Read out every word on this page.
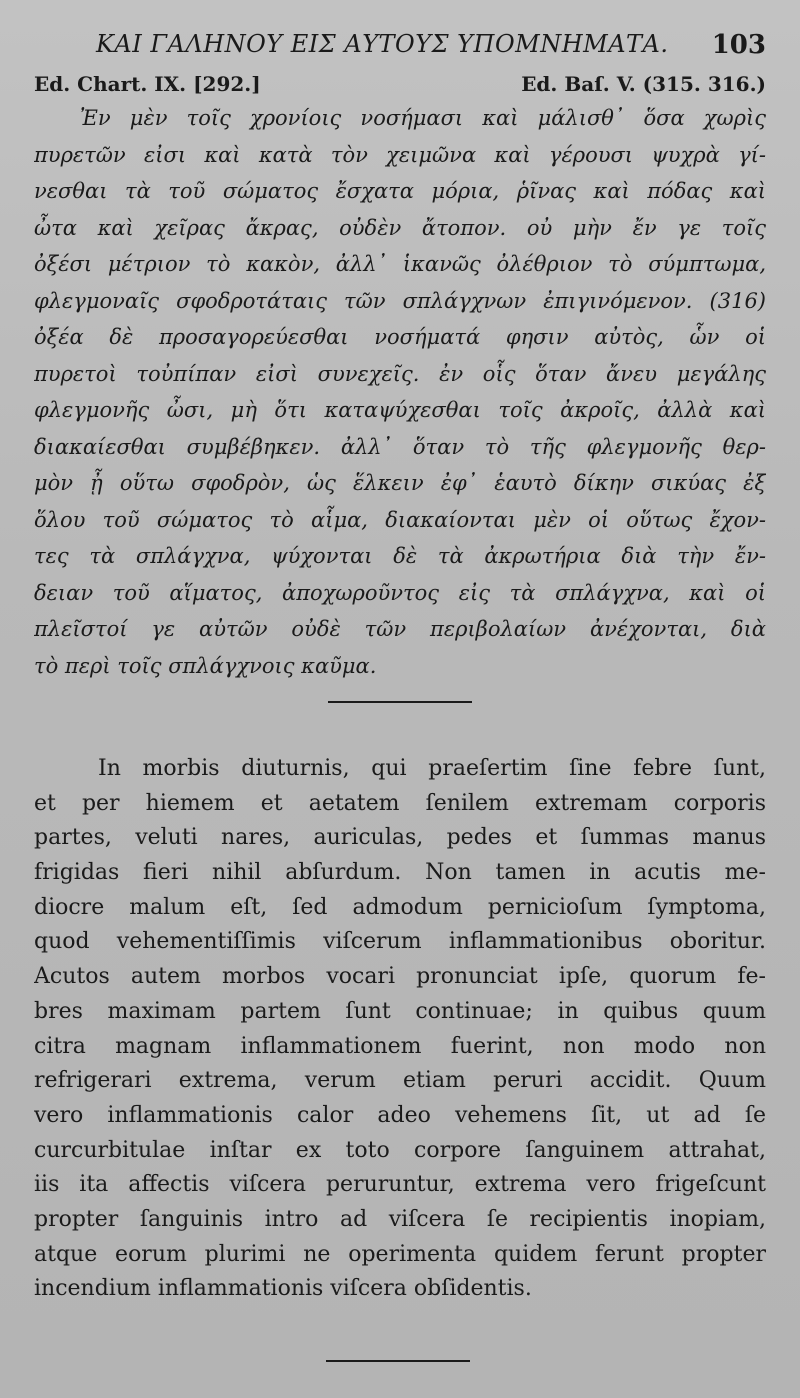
ΚΑΙ ΓΑΛΗΝΟΥ ΕΙΣ ΑΥΤΟΥΣ ΥΠΟΜΝΗΜΑΤΑ. 103
Ed. Chart. IX. [292.]	Ed. Baſ. V. (315. 316.)
Ἐν μὲν τοῖς χρονίοις νοσήμασι καὶ μάλισθ᾽ ὅσα χωρὶς
πυρετῶν εἰσι καὶ κατὰ τὸν χειμῶνα καὶ γέρουσι ψυχρὰ γί-
νεσθαι τὰ τοῦ σώματος ἔσχατα μόρια, ῥῖνας καὶ πόδας καὶ
ὦτα καὶ χεῖρας ἄκρας, οὐδὲν ἄτοπον. οὐ μὴν ἔν γε τοῖς
ὀξέσι μέτριον τὸ κακὸν, ἀλλ᾽ ἱκανῶς ὀλέθριον τὸ σύμπτωμα,
φλεγμοναῖς σφοδροτάταις τῶν σπλάγχνων ἐπιγινόμενον. (316)
ὀξέα δὲ προσαγορεύεσθαι νοσήματά φησιν αὐτὸς, ὧν οἱ
πυρετοὶ τοὐπίπαν εἰσὶ συνεχεῖς. ἐν οἷς ὅταν ἄνευ μεγάλης
φλεγμονῆς ὦσι, μὴ ὅτι καταψύχεσθαι τοῖς ἀκροῖς, ἀλλὰ καὶ
διακαίεσθαι συμβέβηκεν. ἀλλ᾽ ὅταν τὸ τῆς φλεγμονῆς θερ-
μὸν ᾖ οὕτω σφοδρὸν, ὡς ἕλκειν ἐφ᾽ ἑαυτὸ δίκην σικύας ἐξ
ὅλου τοῦ σώματος τὸ αἷμα, διακαίονται μὲν οἱ οὕτως ἔχον-
τες τὰ σπλάγχνα, ψύχονται δὲ τὰ ἀκρωτήρια διὰ τὴν ἔν-
δειαν τοῦ αἵματος, ἀποχωροῦντος εἰς τὰ σπλάγχνα, καὶ οἱ
πλεῖστοί γε αὐτῶν οὐδὲ τῶν περιβολαίων ἀνέχονται, διὰ
τὸ περὶ τοῖς σπλάγχνοις καῦμα.
In morbis diuturnis, qui praeſertim ſine febre ſunt,
et per hiemem et aetatem ſenilem extremam corporis
partes, veluti nares, auriculas, pedes et ſummas manus
frigidas fieri nihil abſurdum. Non tamen in acutis me-
diocre malum eſt, ſed admodum pernicioſum ſymptoma,
quod vehementiſſimis viſcerum inflammationibus oboritur.
Acutos autem morbos vocari pronunciat ipſe, quorum fe-
bres maximam partem ſunt continuae; in quibus quum
citra magnam inflammationem fuerint, non modo non
refrigerari extrema, verum etiam peruri accidit. Quum
vero inflammationis calor adeo vehemens ſit, ut ad ſe
curcurbitulae inſtar ex toto corpore ſanguinem attrahat,
iis ita affectis viſcera peruruntur, extrema vero frigeſcunt
propter ſanguinis intro ad viſcera ſe recipientis inopiam,
atque eorum plurimi ne operimenta quidem ferunt propter
incendium inflammationis viſcera obſidentis.
